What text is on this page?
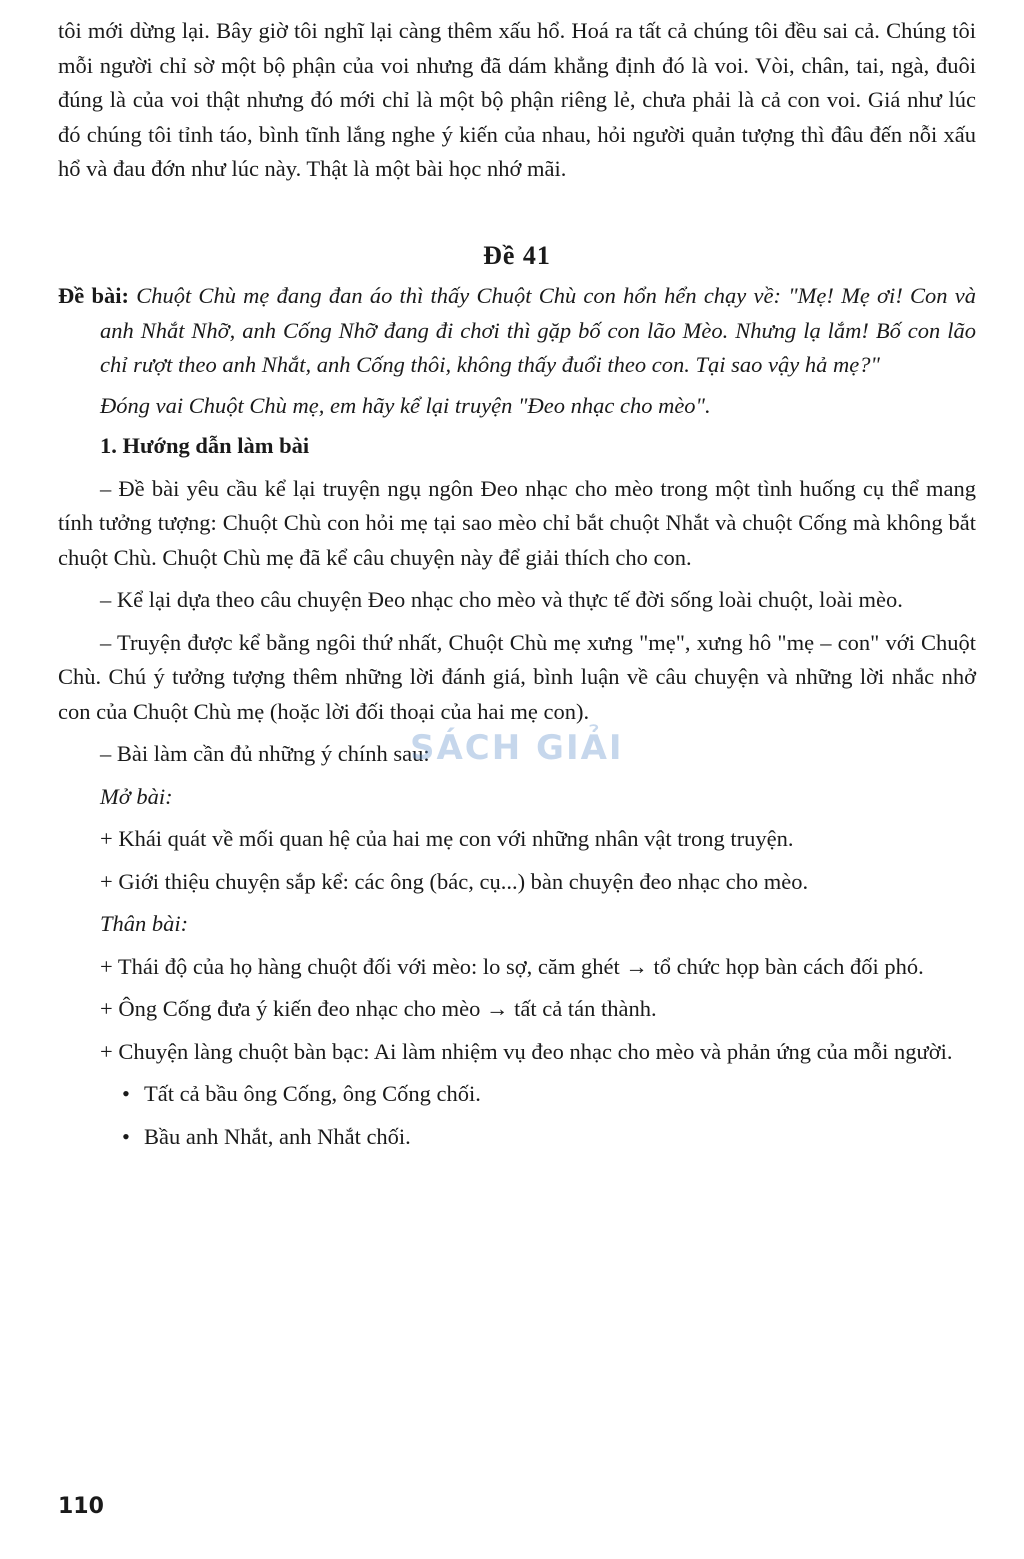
tôi mới dừng lại. Bây giờ tôi nghĩ lại càng thêm xấu hổ. Hoá ra tất cả chúng tôi đều sai cả. Chúng tôi mỗi người chỉ sờ một bộ phận của voi nhưng đã dám khẳng định đó là voi. Vòi, chân, tai, ngà, đuôi đúng là của voi thật nhưng đó mới chỉ là một bộ phận riêng lẻ, chưa phải là cả con voi. Giá như lúc đó chúng tôi tỉnh táo, bình tĩnh lắng nghe ý kiến của nhau, hỏi người quản tượng thì đâu đến nỗi xấu hổ và đau đớn như lúc này. Thật là một bài học nhớ mãi.

Đề 41

Đề bài: Chuột Chù mẹ đang đan áo thì thấy Chuột Chù con hổn hển chạy về: "Mẹ! Mẹ ơi! Con và anh Nhắt Nhỡ, anh Cống Nhỡ đang đi chơi thì gặp bố con lão Mèo. Nhưng lạ lắm! Bố con lão chỉ rượt theo anh Nhắt, anh Cống thôi, không thấy đuổi theo con. Tại sao vậy hả mẹ?"

Đóng vai Chuột Chù mẹ, em hãy kể lại truyện "Đeo nhạc cho mèo".

1. Hướng dẫn làm bài

– Đề bài yêu cầu kể lại truyện ngụ ngôn Đeo nhạc cho mèo trong một tình huống cụ thể mang tính tưởng tượng: Chuột Chù con hỏi mẹ tại sao mèo chỉ bắt chuột Nhắt và chuột Cống mà không bắt chuột Chù. Chuột Chù mẹ đã kể câu chuyện này để giải thích cho con.

– Kể lại dựa theo câu chuyện Đeo nhạc cho mèo và thực tế đời sống loài chuột, loài mèo.

– Truyện được kể bằng ngôi thứ nhất, Chuột Chù mẹ xưng "mẹ", xưng hô "mẹ – con" với Chuột Chù. Chú ý tưởng tượng thêm những lời đánh giá, bình luận về câu chuyện và những lời nhắc nhở con của Chuột Chù mẹ (hoặc lời đối thoại của hai mẹ con).

– Bài làm cần đủ những ý chính sau:

Mở bài:

+ Khái quát về mối quan hệ của hai mẹ con với những nhân vật trong truyện.

+ Giới thiệu chuyện sắp kể: các ông (bác, cụ...) bàn chuyện đeo nhạc cho mèo.

Thân bài:

+ Thái độ của họ hàng chuột đối với mèo: lo sợ, căm ghét → tổ chức họp bàn cách đối phó.

+ Ông Cống đưa ý kiến đeo nhạc cho mèo → tất cả tán thành.

+ Chuyện làng chuột bàn bạc: Ai làm nhiệm vụ đeo nhạc cho mèo và phản ứng của mỗi người.

• Tất cả bầu ông Cống, ông Cống chối.

• Bầu anh Nhắt, anh Nhắt chối.

SÁCH GIẢI
110
